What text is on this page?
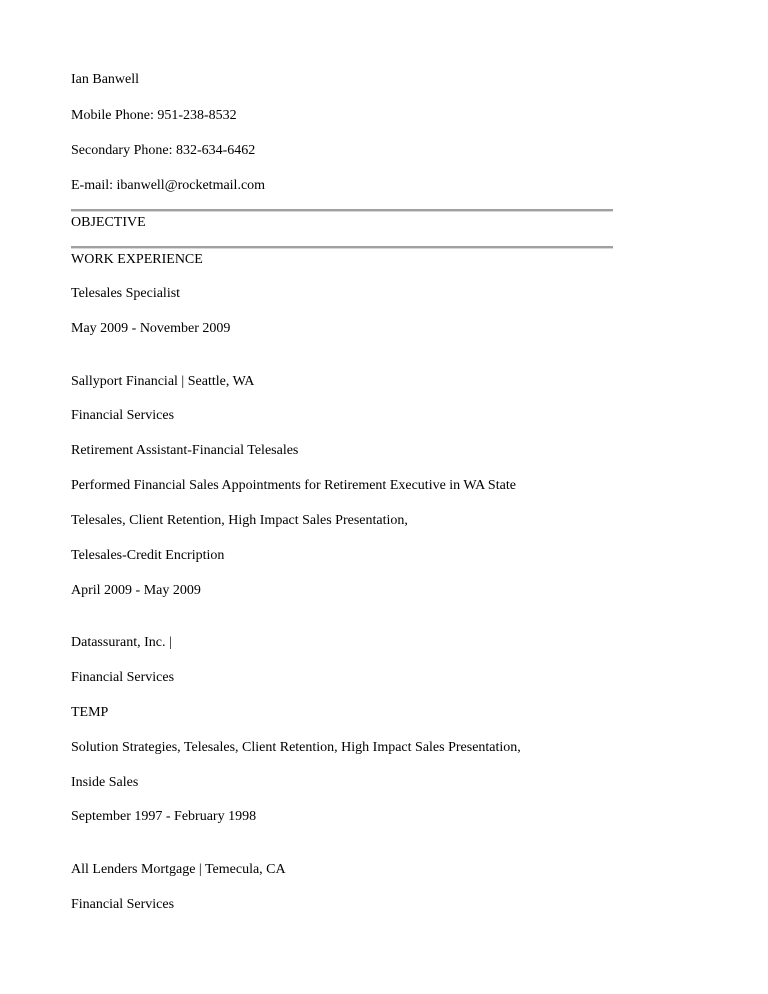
Ian Banwell
Mobile Phone: 951-238-8532
Secondary Phone: 832-634-6462
E-mail: ibanwell@rocketmail.com
OBJECTIVE
WORK EXPERIENCE
Telesales Specialist
May 2009 - November 2009
Sallyport Financial | Seattle, WA
Financial Services
Retirement Assistant-Financial Telesales
Performed Financial Sales Appointments for Retirement Executive in WA State
Telesales, Client Retention, High Impact Sales Presentation,
Telesales-Credit Encription
April 2009 - May 2009
Datassurant, Inc. |
Financial Services
TEMP
Solution Strategies, Telesales, Client Retention, High Impact Sales Presentation,
Inside Sales
September 1997 - February 1998
All Lenders Mortgage | Temecula, CA
Financial Services
